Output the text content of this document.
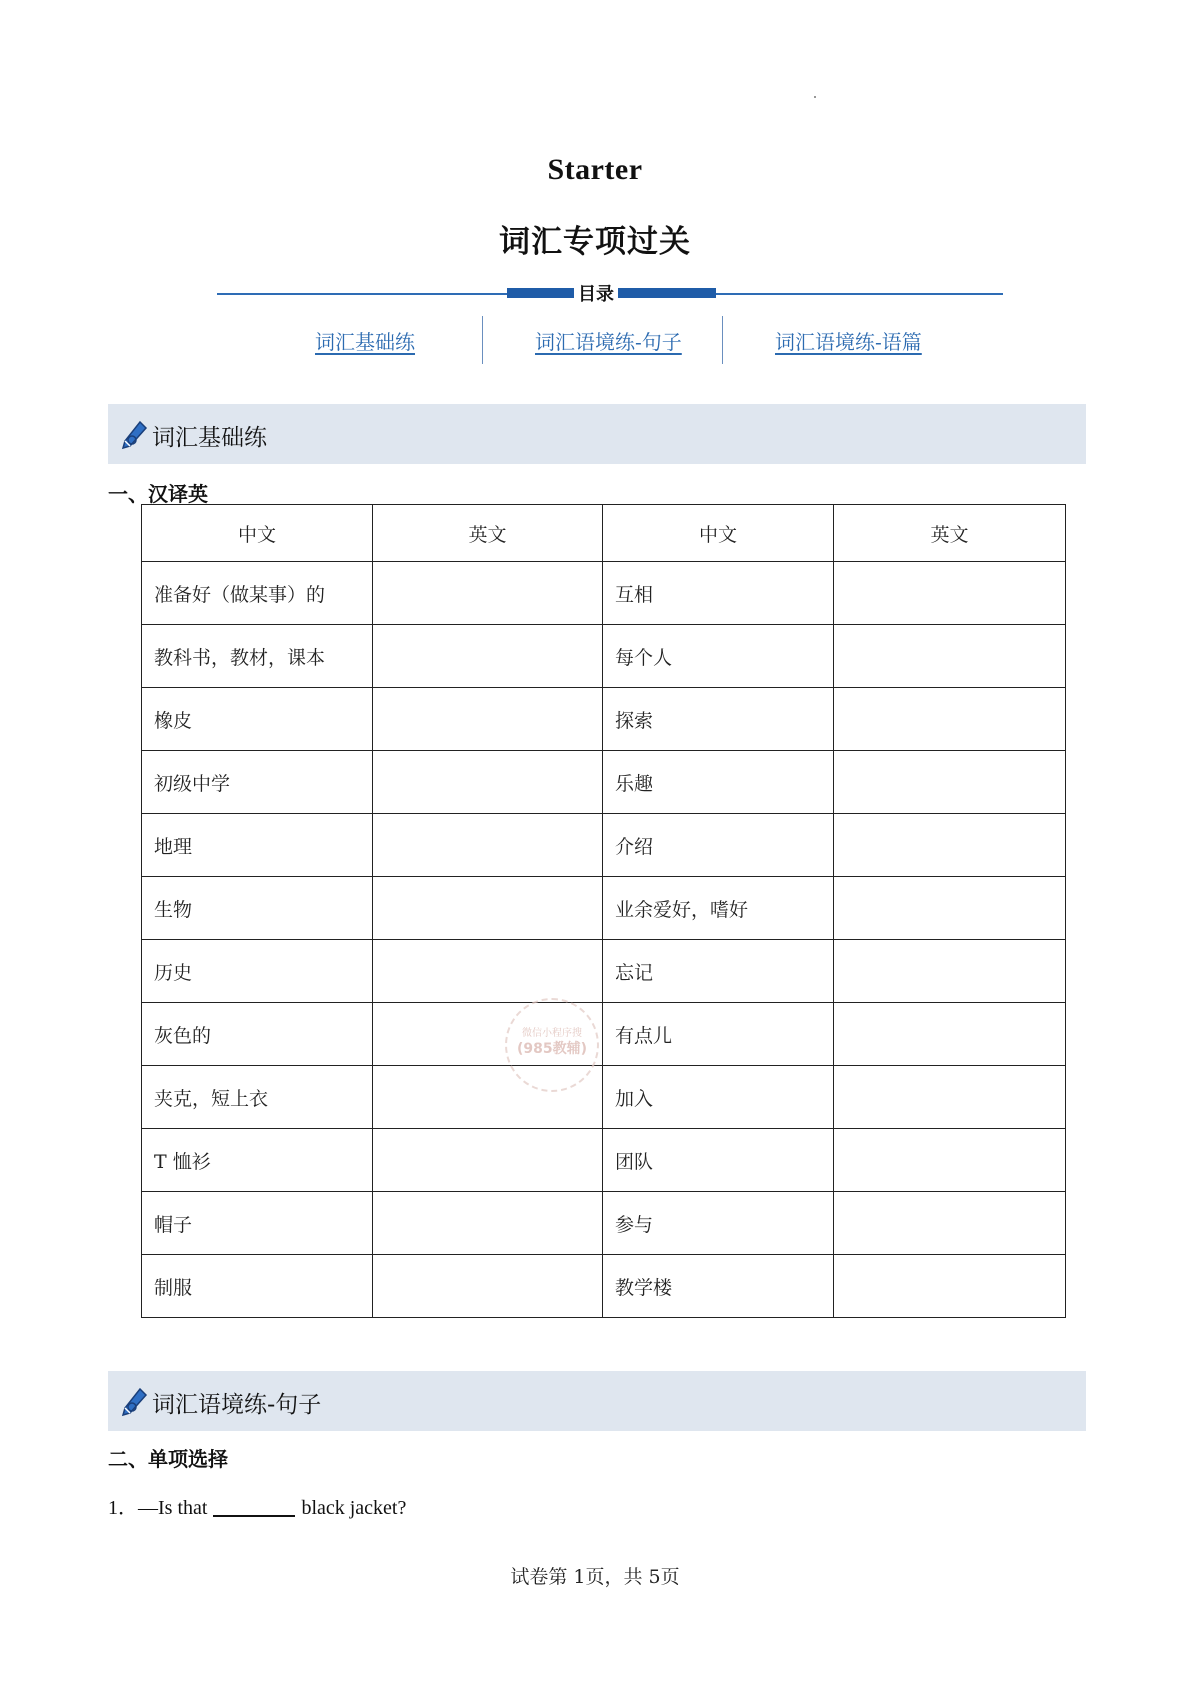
Starter
词汇专项过关
目录
词汇基础练	词汇语境练-句子	词汇语境练-语篇
词汇基础练
一、汉译英
中文	英文	中文	英文
准备好（做某事）的		互相	
教科书，教材，课本		每个人	
橡皮		探索	
初级中学		乐趣	
地理		介绍	
生物		业余爱好，嗜好	
历史		忘记	
灰色的		有点儿	
夹克，短上衣		加入	
T 恤衫		团队	
帽子		参与	
制服		教学楼	
微信小程序搜
(985教辅)
词汇语境练-句子
二、单项选择
1．—Is that	black jacket?
试卷第 1页，共 5页
